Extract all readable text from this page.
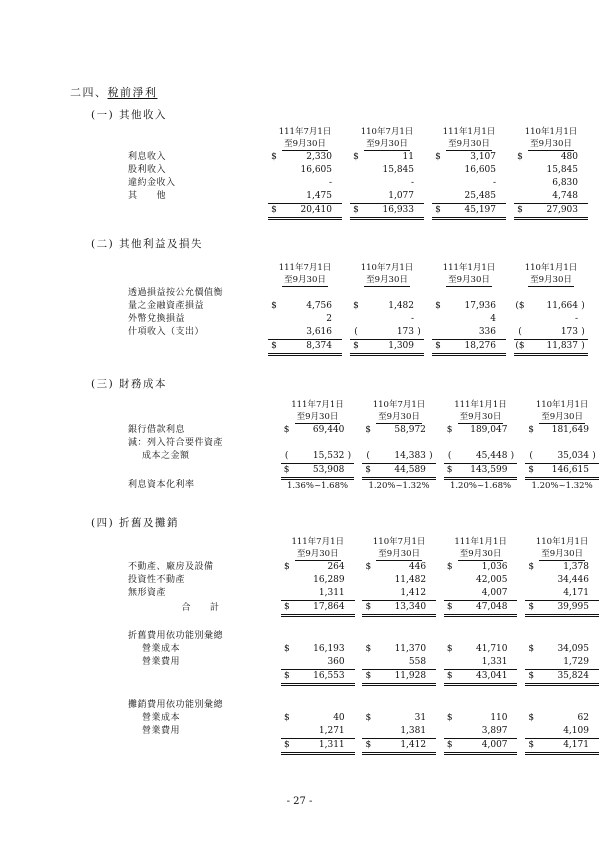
二四、稅前淨利
(一) 其他收入
		111年7月1日				110年7月1日				111年1月1日				110年1月1日		
		至9月30日				至9月30日				至9月30日				至9月30日		
利息收入		$	2,330			$	11			$	3,107			$	480	
股利收入			16,605				15,845				16,605				15,845	
違約金收入			-				-				-				6,830	
其　　他			1,475				1,077				25,485				4,748	
		$	20,410			$	16,933			$	45,197			$	27,903	
(二) 其他利益及損失
		111年7月1日				110年7月1日				111年1月1日				110年1月1日		
		至9月30日				至9月30日				至9月30日				至9月30日		
透過損益按公允價值衡																
量之金融資產損益		$	4,756			$	1,482			$	17,936			($	11,664	)
外幣兌換損益			2				-				4				-	
什項收入（支出）			3,616			(	173	)			336			(	173	)
		$	8,374			$	1,309			$	18,276			($	11,837	)
(三) 財務成本
		111年7月1日				110年7月1日				111年1月1日				110年1月1日		
		至9月30日				至9月30日				至9月30日				至9月30日		
銀行借款利息		$	69,440			$	58,972			$	189,047			$	181,649	
減：列入符合要件資產																
成本之金額		(	15,532	)		(	14,383	)		(	45,448	)		(	35,034	)
		$	53,908			$	44,589			$	143,599			$	146,615	
利息資本化利率		1.36%~1.68%				1.20%~1.32%				1.20%~1.68%				1.20%~1.32%		
(四) 折舊及攤銷
		111年7月1日				110年7月1日				111年1月1日				110年1月1日		
		至9月30日				至9月30日				至9月30日				至9月30日		
不動產、廠房及設備		$	264			$	446			$	1,036			$	1,378	
投資性不動產			16,289				11,482				42,005				34,446	
無形資產			1,311				1,412				4,007				4,171	
合　　計		$	17,864			$	13,340			$	47,048			$	39,995	

折舊費用依功能別彙總																
營業成本		$	16,193			$	11,370			$	41,710			$	34,095	
營業費用			360				558				1,331				1,729	
		$	16,553			$	11,928			$	43,041			$	35,824	

攤銷費用依功能別彙總																
營業成本		$	40			$	31			$	110			$	62	
營業費用			1,271				1,381				3,897				4,109	
		$	1,311			$	1,412			$	4,007			$	4,171	
- 27 -
